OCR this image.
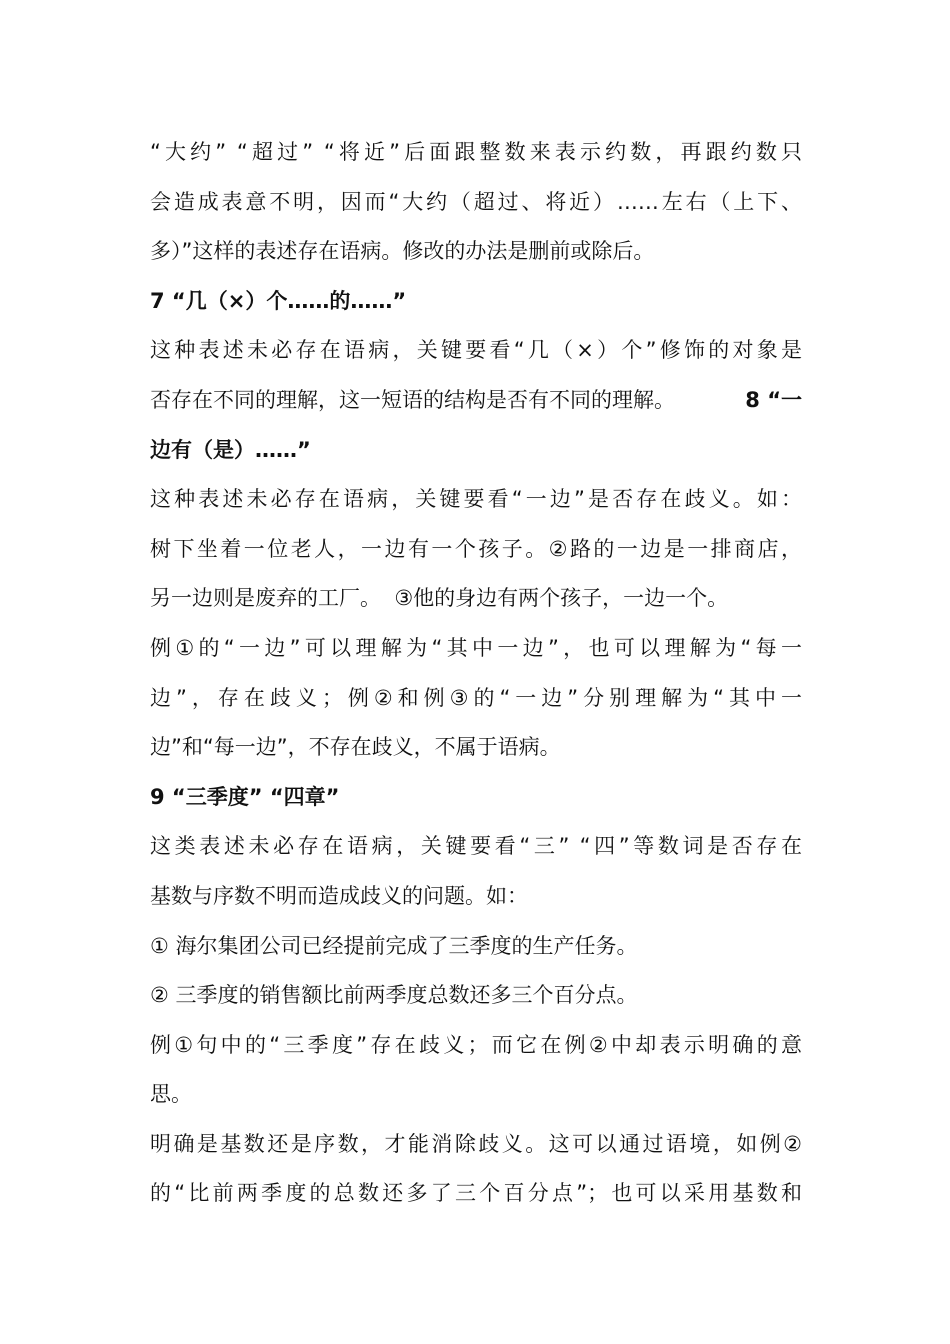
“大约” “超过” “将近”后面跟整数来表示约数，再跟约数只
会造成表意不明，因而“大约（超过、将近）……左右（上下、
多）”这样的表述存在语病。修改的办法是删前或除后。
7 “几（×）个……的……”
这种表述未必存在语病，关键要看“几（×）个”修饰的对象是
否存在不同的理解，这一短语的结构是否有不同的理解。	8 “一
边有（是）……”
这种表述未必存在语病，关键要看“一边”是否存在歧义。如：
树下坐着一位老人，一边有一个孩子。②路的一边是一排商店，
另一边则是废弃的工厂。  ③他的身边有两个孩子，一边一个。
例①的“一边”可以理解为“其中一边”，也可以理解为“每一
边”，存在歧义；例②和例③的“一边”分别理解为“其中一
边”和“每一边”，不存在歧义，不属于语病。
9 “三季度” “四章”
这类表述未必存在语病，关键要看“三” “四”等数词是否存在
基数与序数不明而造成歧义的问题。如：
① 海尔集团公司已经提前完成了三季度的生产任务。
② 三季度的销售额比前两季度总数还多三个百分点。
例①句中的“三季度”存在歧义；而它在例②中却表示明确的意
思。
明确是基数还是序数，才能消除歧义。这可以通过语境，如例②
的“比前两季度的总数还多了三个百分点”；也可以采用基数和
